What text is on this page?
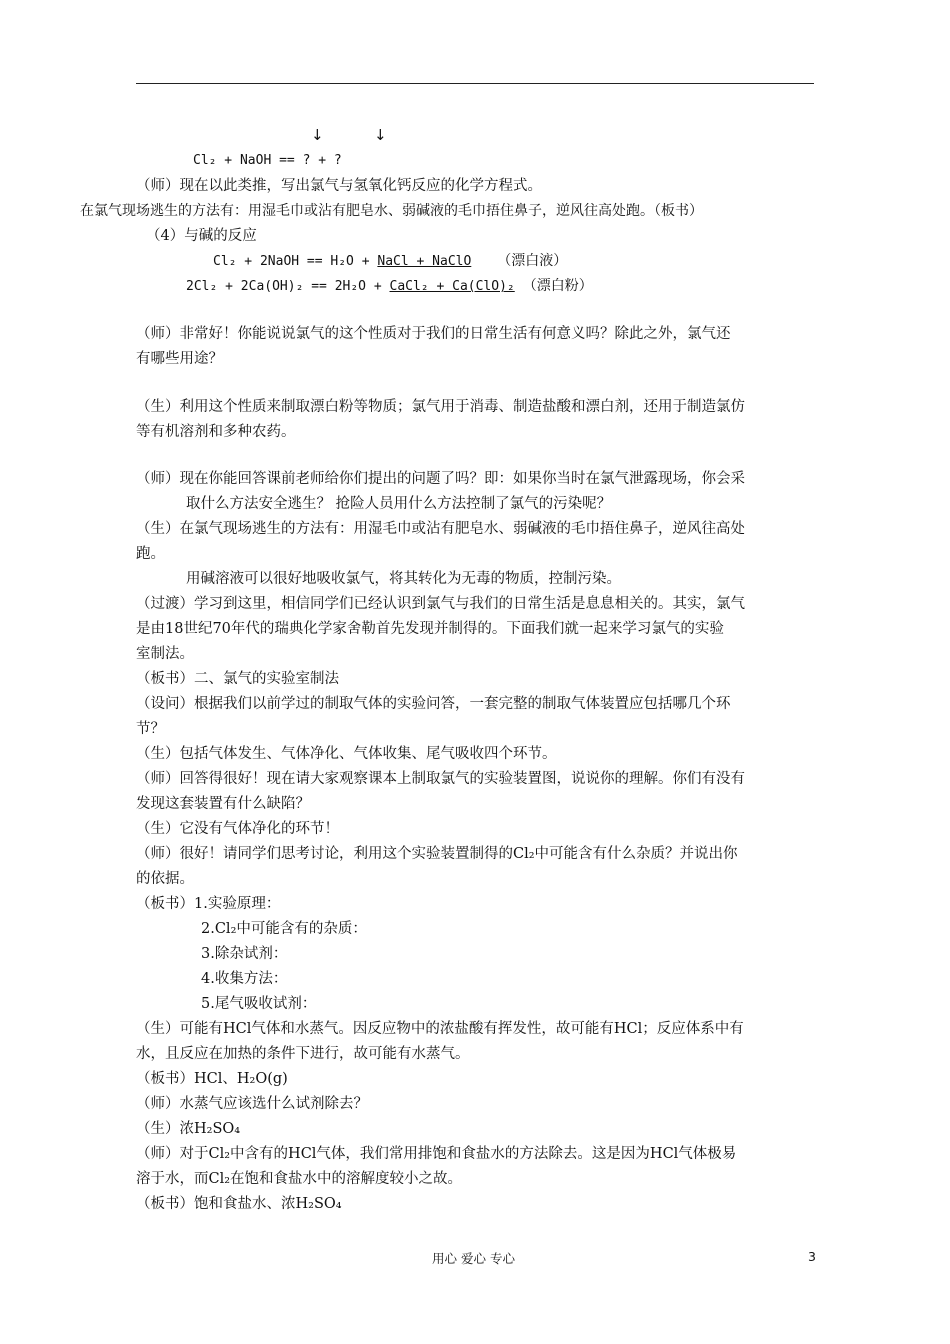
↓	↓
Cl₂ + NaOH == ? + ?
（师）现在以此类推，写出氯气与氢氧化钙反应的化学方程式。
在氯气现场逃生的方法有：用湿毛巾或沾有肥皂水、弱碱液的毛巾捂住鼻子，逆风往高处跑。（板书）
（4）与碱的反应
Cl₂ + 2NaOH == H₂O + NaCl + NaClO （漂白液）
2Cl₂ + 2Ca(OH)₂ == 2H₂O + CaCl₂ + Ca(ClO)₂ （漂白粉）
（师）非常好！你能说说氯气的这个性质对于我们的日常生活有何意义吗？除此之外，氯气还
有哪些用途？
（生）利用这个性质来制取漂白粉等物质；氯气用于消毒、制造盐酸和漂白剂，还用于制造氯仿
等有机溶剂和多种农药。
（师）现在你能回答课前老师给你们提出的问题了吗？即：如果你当时在氯气泄露现场，你会采
取什么方法安全逃生？ 抢险人员用什么方法控制了氯气的污染呢？
（生）在氯气现场逃生的方法有：用湿毛巾或沾有肥皂水、弱碱液的毛巾捂住鼻子，逆风往高处
跑。
用碱溶液可以很好地吸收氯气，将其转化为无毒的物质，控制污染。
（过渡）学习到这里，相信同学们已经认识到氯气与我们的日常生活是息息相关的。其实，氯气
是由18世纪70年代的瑞典化学家舍勒首先发现并制得的。下面我们就一起来学习氯气的实验
室制法。
（板书）二、氯气的实验室制法
（设问）根据我们以前学过的制取气体的实验问答，一套完整的制取气体装置应包括哪几个环
节？
（生）包括气体发生、气体净化、气体收集、尾气吸收四个环节。
（师）回答得很好！现在请大家观察课本上制取氯气的实验装置图，说说你的理解。你们有没有
发现这套装置有什么缺陷？
（生）它没有气体净化的环节！
（师）很好！请同学们思考讨论，利用这个实验装置制得的Cl₂中可能含有什么杂质？并说出你
的依据。
（板书）1.实验原理：
2.Cl₂中可能含有的杂质：
3.除杂试剂：
4.收集方法：
5.尾气吸收试剂：
（生）可能有HCl气体和水蒸气。因反应物中的浓盐酸有挥发性，故可能有HCl；反应体系中有
水，且反应在加热的条件下进行，故可能有水蒸气。
（板书）HCl、H₂O(g)
（师）水蒸气应该选什么试剂除去？
（生）浓H₂SO₄
（师）对于Cl₂中含有的HCl气体，我们常用排饱和食盐水的方法除去。这是因为HCl气体极易
溶于水，而Cl₂在饱和食盐水中的溶解度较小之故。
（板书）饱和食盐水、浓H₂SO₄
用心 爱心 专心	3
